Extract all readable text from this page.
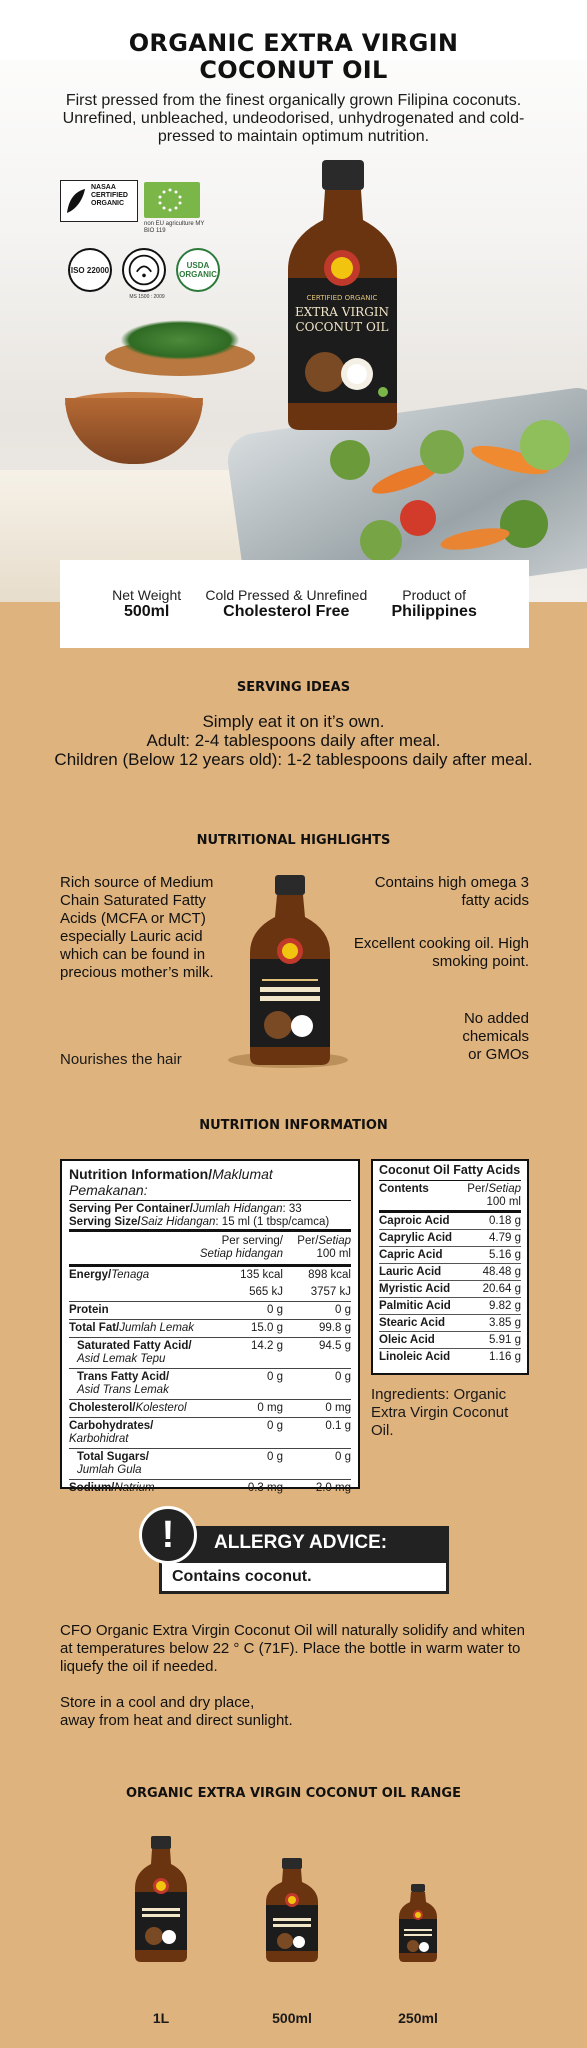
ORGANIC EXTRA VIRGIN
COCONUT OIL
First pressed from the finest organically grown Filipina coconuts. Unrefined, unbleached, undeodorised, unhydrogenated and cold-pressed to maintain optimum nutrition.
NASAA CERTIFIED ORGANIC
non EU agriculture MY BIO 119
ISO 22000
MS 1500 : 2009
USDA ORGANIC
CERTIFIED ORGANIC
EXTRA VIRGIN
COCONUT OIL
Net Weight
500ml
Cold Pressed & Unrefined
Cholesterol Free
Product of
Philippines
SERVING IDEAS
Simply eat it on it’s own.
Adult: 2-4 tablespoons daily after meal.
Children (Below 12 years old): 1-2 tablespoons daily after meal.
NUTRITIONAL HIGHLIGHTS
Rich source of Medium Chain Saturated Fatty Acids (MCFA or MCT) especially Lauric acid which can be found in precious mother’s milk.
Nourishes the hair
Contains high omega 3 fatty acids
Excellent cooking oil. High smoking point.
No added chemicals or GMOs
NUTRITION INFORMATION
Nutrition Information/Maklumat Pemakanan:
Serving Per Container/Jumlah Hidangan: 33
Serving Size/Saiz Hidangan: 15 ml (1 tbsp/camca)
Per serving/
Setiap hidangan
Per/Setiap
100 ml
Energy/Tenaga	135 kcal	898 kcal
565 kJ	3757 kJ
Protein	0 g	0 g
Total Fat/Jumlah Lemak	15.0 g	99.8 g
Saturated Fatty Acid/
Asid Lemak Tepu
14.2 g	94.5 g
Trans Fatty Acid/
Asid Trans Lemak
0 g	0 g
Cholesterol/Kolesterol	0 mg	0 mg
Carbohydrates/
Karbohidrat
0 g	0.1 g
Total Sugars/
Jumlah Gula
0 g	0 g
Sodium/Natrium	0.3 mg	2.0 mg
Coconut Oil Fatty Acids
Contents	Per/Setiap
100 ml
Caproic Acid	0.18 g
Caprylic Acid	4.79 g
Capric Acid	5.16 g
Lauric Acid	48.48 g
Myristic Acid	20.64 g
Palmitic Acid	9.82 g
Stearic Acid	3.85 g
Oleic Acid	5.91 g
Linoleic Acid	1.16 g
Ingredients: Organic Extra Virgin Coconut Oil.
ALLERGY ADVICE:
Contains coconut.
!
CFO Organic Extra Virgin Coconut Oil will naturally solidify and whiten at temperatures below 22 ° C (71F). Place the bottle in warm water to liquefy the oil if needed.
Store in a cool and dry place,
away from heat and direct sunlight.
ORGANIC EXTRA VIRGIN COCONUT OIL RANGE
1L	500ml	250ml
